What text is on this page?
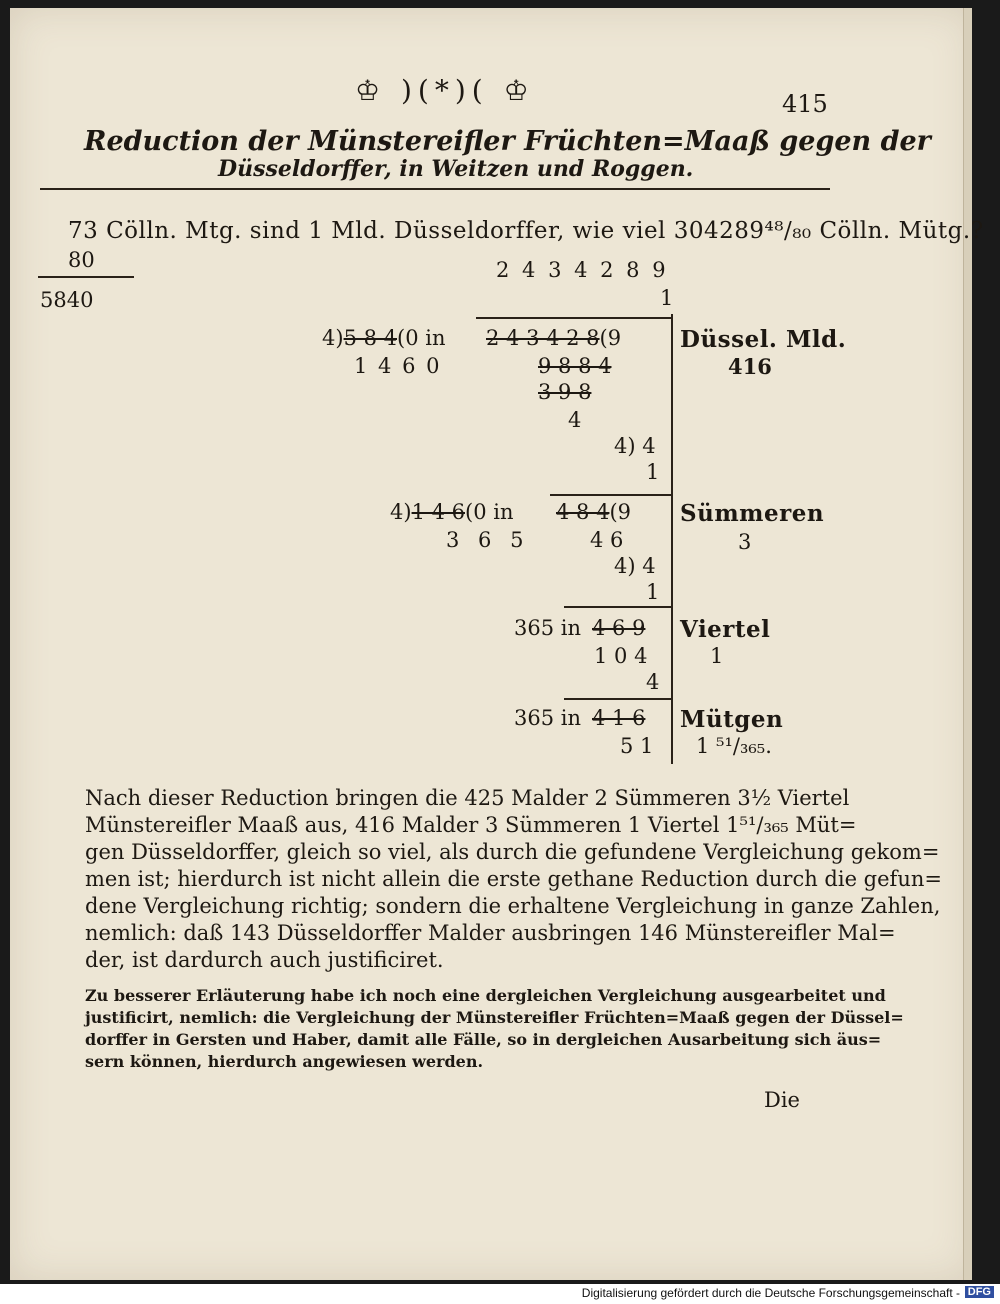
♔ )(*)( ♔	415
Reduction der Münstereifler Früchten=Maaß gegen der
Düsseldorffer, in Weitzen und Roggen.
73 Cölln. Mtg. sind 1 Mld. Düsseldorffer, wie viel 304289⁴⁸/₈₀ Cölln. Mütg.?
80
5840
2 4 3 4 2 8 9
1
4)5 8 4(0 in 2 4 3 4 2 8(9
1 4 6 0	9 8 8 4
3 9 8
4
4) 4
1
Düssel. Mld.
416
4)1 4 6(0 in 4 8 4(9
3 6 5	4 6
4) 4
1
Sümmeren
3
365 in 4 6 9
1 0 4
4
Viertel
1
365 in 4 1 6
5 1
Mütgen
1 ⁵¹/₃₆₅.
Nach dieser Reduction bringen die 425 Malder 2 Sümmeren 3½ Viertel
Münstereifler Maaß aus, 416 Malder 3 Sümmeren 1 Viertel 1⁵¹/₃₆₅ Müt=
gen Düsseldorffer, gleich so viel, als durch die gefundene Vergleichung gekom=
men ist; hierdurch ist nicht allein die erste gethane Reduction durch die gefun=
dene Vergleichung richtig; sondern die erhaltene Vergleichung in ganze Zahlen,
nemlich: daß 143 Düsseldorffer Malder ausbringen 146 Münstereifler Mal=
der, ist dardurch auch justificiret.
Zu besserer Erläuterung habe ich noch eine dergleichen Vergleichung ausgearbeitet und
justificirt, nemlich: die Vergleichung der Münstereifler Früchten=Maaß gegen der Düssel=
dorffer in Gersten und Haber, damit alle Fälle, so in dergleichen Ausarbeitung sich äus=
sern können, hierdurch angewiesen werden.
Die
Digitalisierung gefördert durch die Deutsche Forschungsgemeinschaft - DFG
